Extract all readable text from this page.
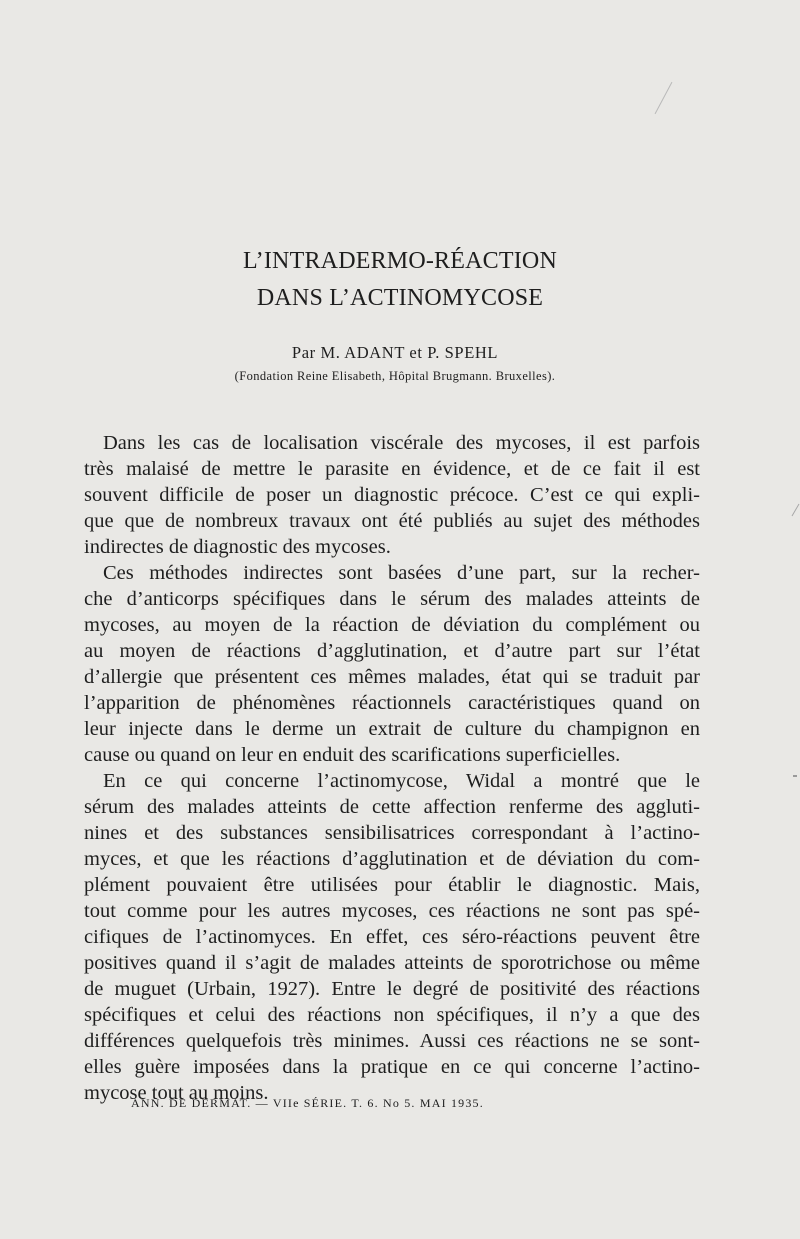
L’INTRADERMO-RÉACTION
DANS L’ACTINOMYCOSE
Par M. ADANT et P. SPEHL
(Fondation Reine Elisabeth, Hôpital Brugmann. Bruxelles).
Dans les cas de localisation viscérale des mycoses, il est parfois
très malaisé de mettre le parasite en évidence, et de ce fait il est
souvent difficile de poser un diagnostic précoce. C’est ce qui expli-
que que de nombreux travaux ont été publiés au sujet des méthodes
indirectes de diagnostic des mycoses.
Ces méthodes indirectes sont basées d’une part, sur la recher-
che d’anticorps spécifiques dans le sérum des malades atteints de
mycoses, au moyen de la réaction de déviation du complément ou
au moyen de réactions d’agglutination, et d’autre part sur l’état
d’allergie que présentent ces mêmes malades, état qui se traduit par
l’apparition de phénomènes réactionnels caractéristiques quand on
leur injecte dans le derme un extrait de culture du champignon en
cause ou quand on leur en enduit des scarifications superficielles.
En ce qui concerne l’actinomycose, Widal a montré que le
sérum des malades atteints de cette affection renferme des aggluti-
nines et des substances sensibilisatrices correspondant à l’actino-
myces, et que les réactions d’agglutination et de déviation du com-
plément pouvaient être utilisées pour établir le diagnostic. Mais,
tout comme pour les autres mycoses, ces réactions ne sont pas spé-
cifiques de l’actinomyces. En effet, ces séro-réactions peuvent être
positives quand il s’agit de malades atteints de sporotrichose ou même
de muguet (Urbain, 1927). Entre le degré de positivité des réactions
spécifiques et celui des réactions non spécifiques, il n’y a que des
différences quelquefois très minimes. Aussi ces réactions ne se sont-
elles guère imposées dans la pratique en ce qui concerne l’actino-
mycose tout au moins.
ANN. DE DERMAT. — VIIe SÉRIE. T. 6. No 5. MAI 1935.
